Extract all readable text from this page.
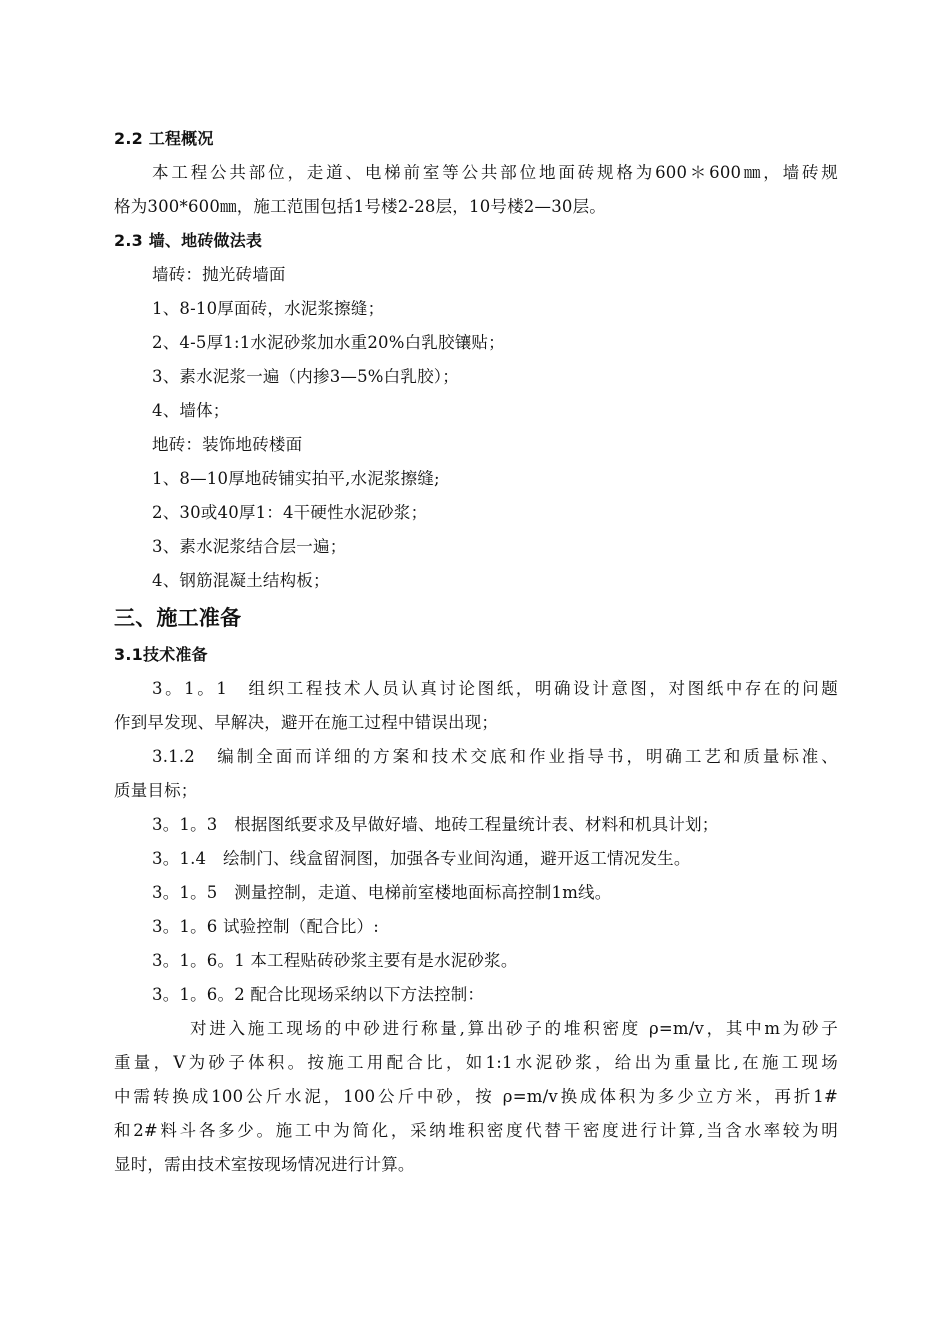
2.2 工程概况
本工程公共部位，走道、电梯前室等公共部位地面砖规格为600＊600㎜，墙砖规
格为300*600㎜，施工范围包括1号楼2-28层，10号楼2—30层。
2.3 墙、地砖做法表
墙砖：抛光砖墙面
1、8-10厚面砖，水泥浆擦缝；
2、4-5厚1:1水泥砂浆加水重20%白乳胶镶贴；
3、素水泥浆一遍（内掺3—5%白乳胶）；
4、墙体；
地砖：装饰地砖楼面
1、8—10厚地砖铺实拍平,水泥浆擦缝;
2、30或40厚1：4干硬性水泥砂浆；
3、素水泥浆结合层一遍；
4、钢筋混凝土结构板；
三、施工准备
3.1技术准备
3。1。1　组织工程技术人员认真讨论图纸，明确设计意图，对图纸中存在的问题
作到早发现、早解决，避开在施工过程中错误出现；
3.1.2　编制全面而详细的方案和技术交底和作业指导书，明确工艺和质量标准、
质量目标；
3。1。3　根据图纸要求及早做好墙、地砖工程量统计表、材料和机具计划；
3。1.4　绘制门、线盒留洞图，加强各专业间沟通，避开返工情况发生。
3。1。5　测量控制，走道、电梯前室楼地面标高控制1m线。
3。1。6 试验控制（配合比）:
3。1。6。1 本工程贴砖砂浆主要有是水泥砂浆。
3。1。6。2 配合比现场采纳以下方法控制：
对进入施工现场的中砂进行称量,算出砂子的堆积密度 ρ=m/v，其中m为砂子
重量，V为砂子体积。按施工用配合比，如1:1水泥砂浆，给出为重量比,在施工现场
中需转换成100公斤水泥，100公斤中砂，按 ρ=m/v换成体积为多少立方米，再折1#
和2#料斗各多少。施工中为简化，采纳堆积密度代替干密度进行计算,当含水率较为明
显时，需由技术室按现场情况进行计算。
